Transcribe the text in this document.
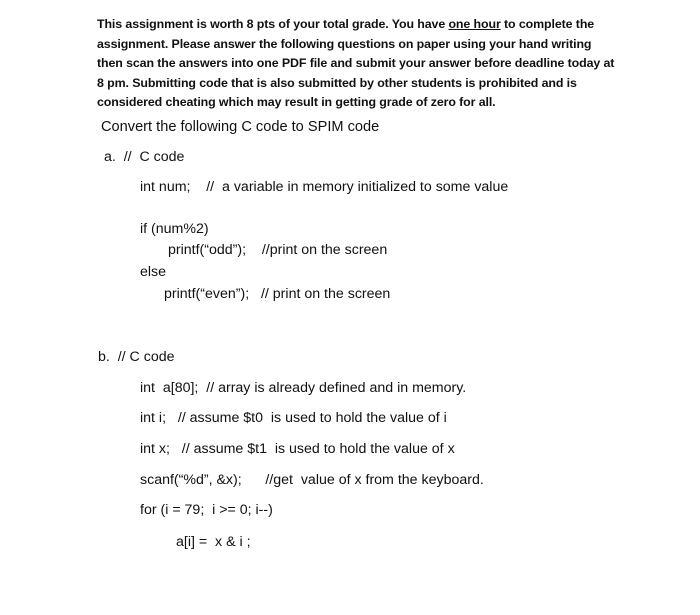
This assignment is worth 8 pts of your total grade. You have one hour to complete the assignment. Please answer the following questions on paper using your hand writing then scan the answers into one PDF file and submit your answer before deadline today at 8 pm. Submitting code that is also submitted by other students is prohibited and is considered cheating which may result in getting grade of zero for all.
Convert the following C code to SPIM code
a.  //  C code
int num;    //  a variable in memory initialized to some value
if (num%2)
printf(“odd”);    //print on the screen
else
printf(“even”);   // print on the screen
b.  // C code
int  a[80];  // array is already defined and in memory.
int i;   // assume $t0  is used to hold the value of i
int x;   // assume $t1  is used to hold the value of x
scanf(“%d”, &x);      //get  value of x from the keyboard.
for (i = 79;  i >= 0; i--)
a[i] =  x & i ;
